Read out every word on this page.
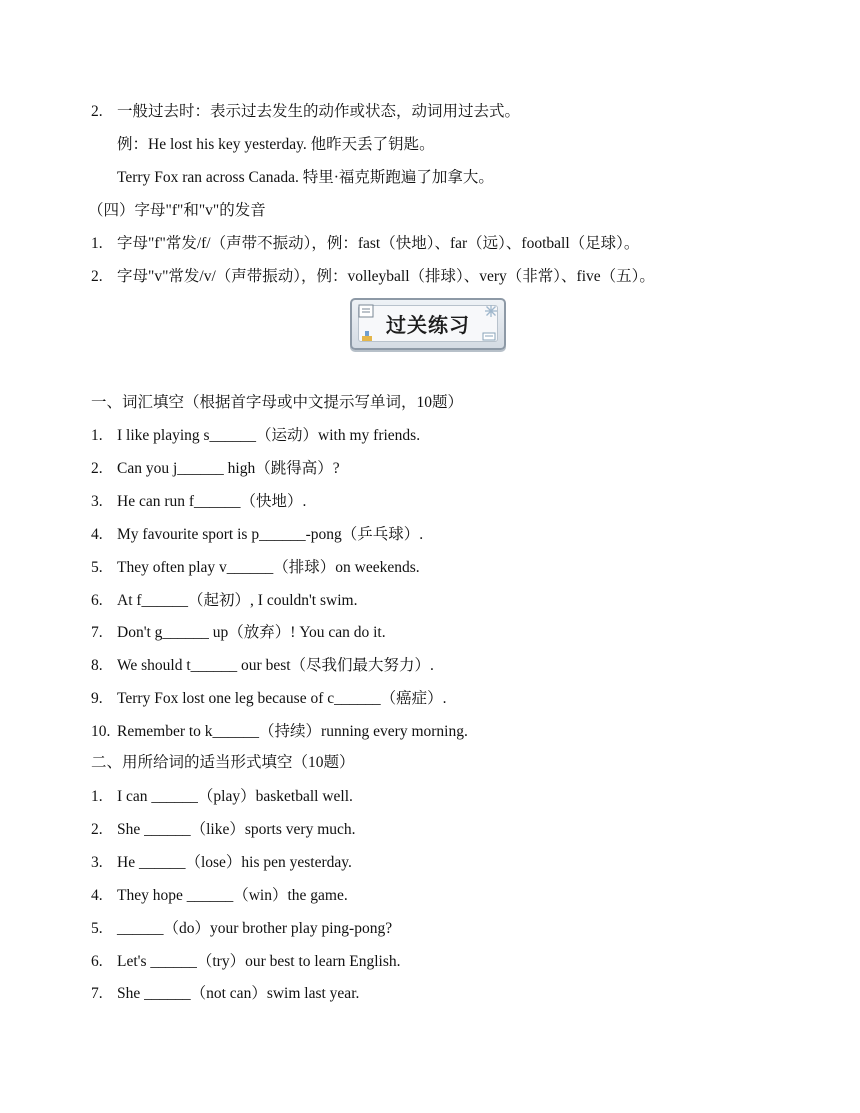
2. 一般过去时：表示过去发生的动作或状态，动词用过去式。
例：He lost his key yesterday. 他昨天丢了钥匙。
Terry Fox ran across Canada. 特里·福克斯跑遍了加拿大。
（四）字母"f"和"v"的发音
1. 字母"f"常发/f/（声带不振动），例：fast（快地）、far（远）、football（足球）。
2. 字母"v"常发/v/（声带振动），例：volleyball（排球）、very（非常）、five（五）。
过关练习
一、词汇填空（根据首字母或中文提示写单词，10题）
1. I like playing s______（运动）with my friends.
2. Can you j______ high（跳得高）?
3. He can run f______（快地）.
4. My favourite sport is p______-pong（乒乓球）.
5. They often play v______（排球）on weekends.
6. At f______（起初）, I couldn't swim.
7. Don't g______ up（放弃）! You can do it.
8. We should t______ our best（尽我们最大努力）.
9. Terry Fox lost one leg because of c______（癌症）.
10. Remember to k______（持续）running every morning.
二、用所给词的适当形式填空（10题）
1. I can ______（play）basketball well.
2. She ______（like）sports very much.
3. He ______（lose）his pen yesterday.
4. They hope ______（win）the game.
5. ______（do）your brother play ping-pong?
6. Let's ______（try）our best to learn English.
7. She ______（not can）swim last year.
